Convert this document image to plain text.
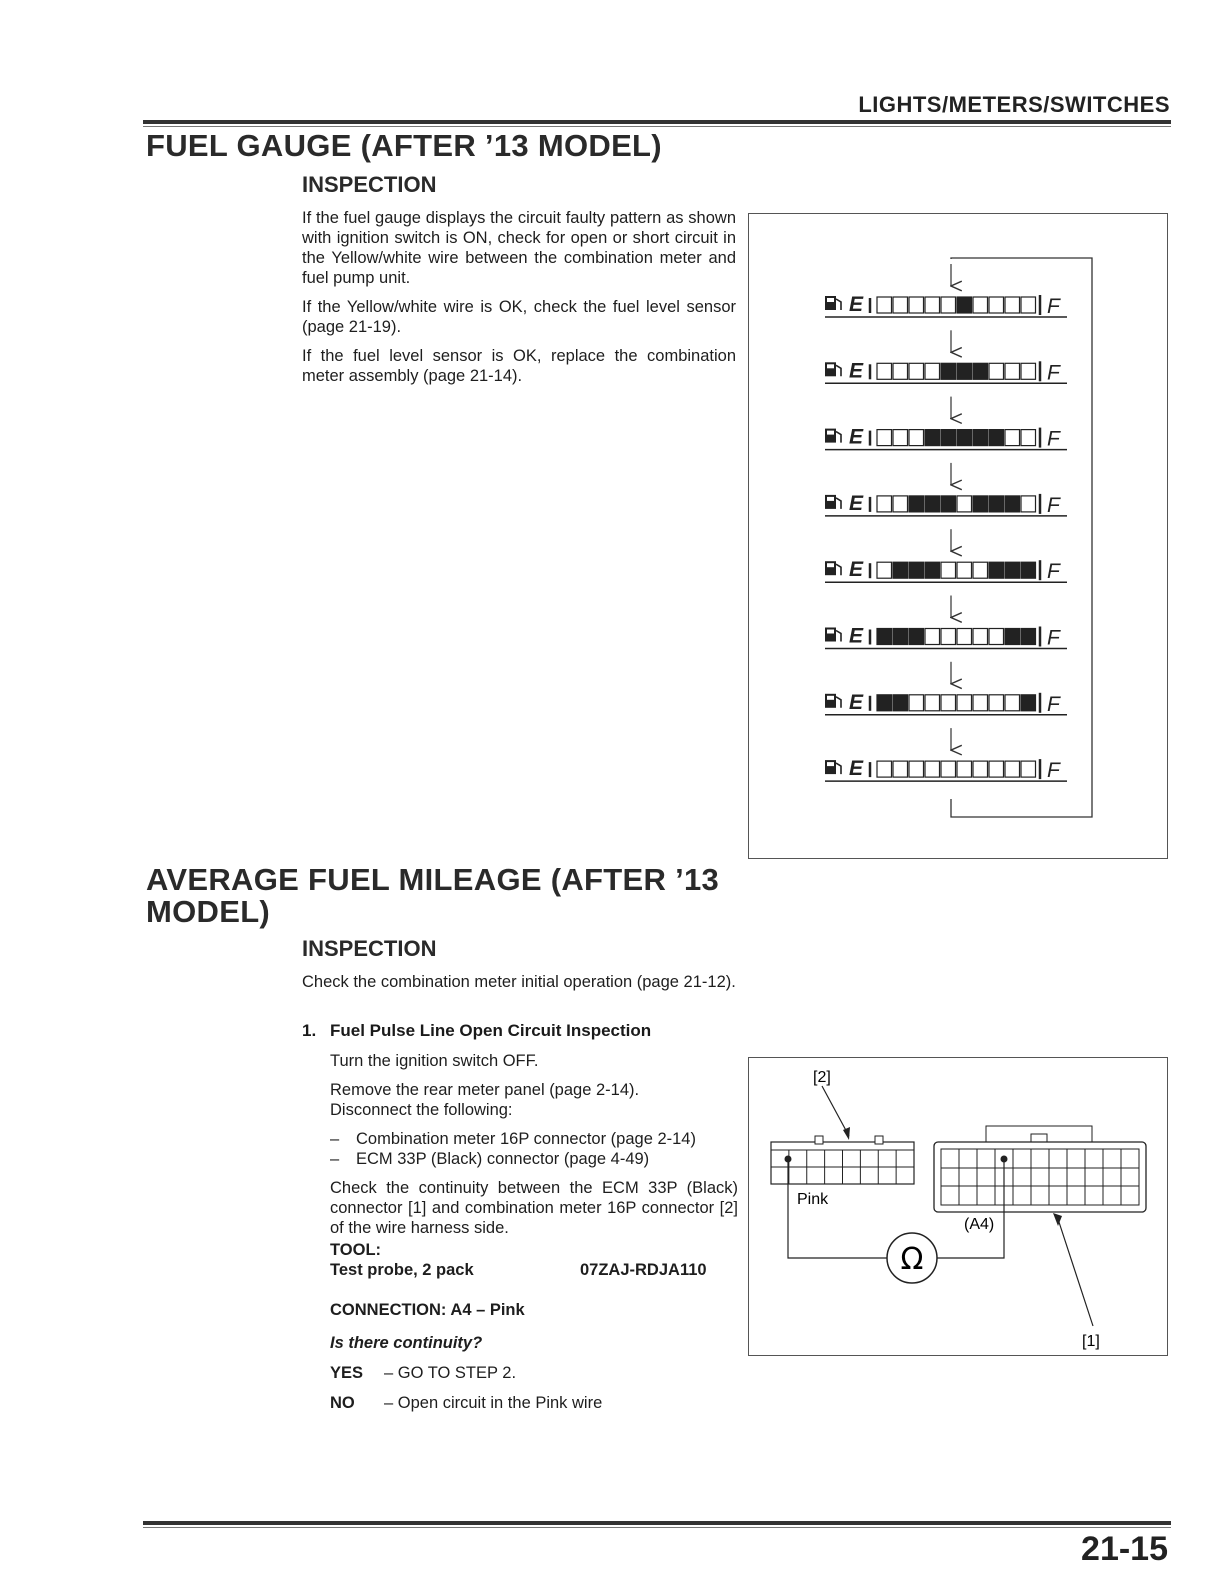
LIGHTS/METERS/SWITCHES
FUEL GAUGE (AFTER ’13 MODEL)
INSPECTION

If the fuel gauge displays the circuit faulty pattern as shown with ignition switch is ON, check for open or short circuit in the Yellow/white wire between the combination meter and fuel pump unit.

If the Yellow/white wire is OK, check the fuel level sensor (page 21-19).

If the fuel level sensor is OK, replace the combination meter assembly (page 21-14).

E	F
E	F
E	F
E	F
E	F
E	F
E	F
E	F
AVERAGE FUEL MILEAGE (AFTER ’13
MODEL)
INSPECTION
Check the combination meter initial operation (page 21-12).
1. Fuel Pulse Line Open Circuit Inspection

Turn the ignition switch OFF.

Remove the rear meter panel (page 2-14).

Disconnect the following:

–	Combination meter 16P connector (page 2-14)
–	ECM 33P (Black) connector (page 4-49)

Check the continuity between the ECM 33P (Black) connector [1] and combination meter 16P connector [2] of the wire harness side.

TOOL:
Test probe, 2 pack	07ZAJ-RDJA110
CONNECTION: A4 – Pink
Is there continuity?
YES	– GO TO STEP 2.
NO	– Open circuit in the Pink wire
[2]
Pink
(A4)
Ω
[1]
21-15
